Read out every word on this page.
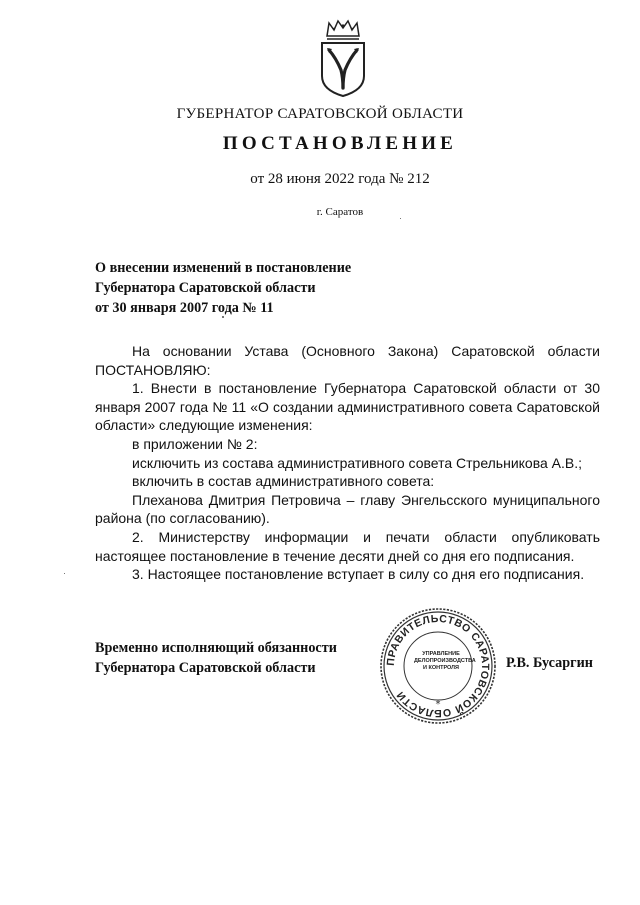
ГУБЕРНАТОР САРАТОВСКОЙ ОБЛАСТИ
ПОСТАНОВЛЕНИЕ
от 28 июня 2022 года № 212
г. Саратов
О внесении изменений в постановление
Губернатора Саратовской области
от 30 января 2007 года № 11

На основании Устава (Основного Закона) Саратовской области

ПОСТАНОВЛЯЮ:

1. Внести в постановление Губернатора Саратовской области от 30 января 2007 года № 11 «О создании административного совета Саратовской области» следующие изменения:

в приложении № 2:

исключить из состава административного совета Стрельникова А.В.;

включить в состав административного совета:

Плеханова Дмитрия Петровича – главу Энгельсского муниципального района (по согласованию).

2. Министерству информации и печати области опубликовать настоящее постановление в течение десяти дней со дня его подписания.

3. Настоящее постановление вступает в силу со дня его подписания.

Временно исполняющий обязанности
Губернатора Саратовской области	ПРАВИТЕЛЬСТВО САРАТОВСКОЙ ОБЛАСТИ
*
УПРАВЛЕНИЕ
ДЕЛОПРОИЗВОДСТВА
И КОНТРОЛЯ	Р.В. Бусаргин
